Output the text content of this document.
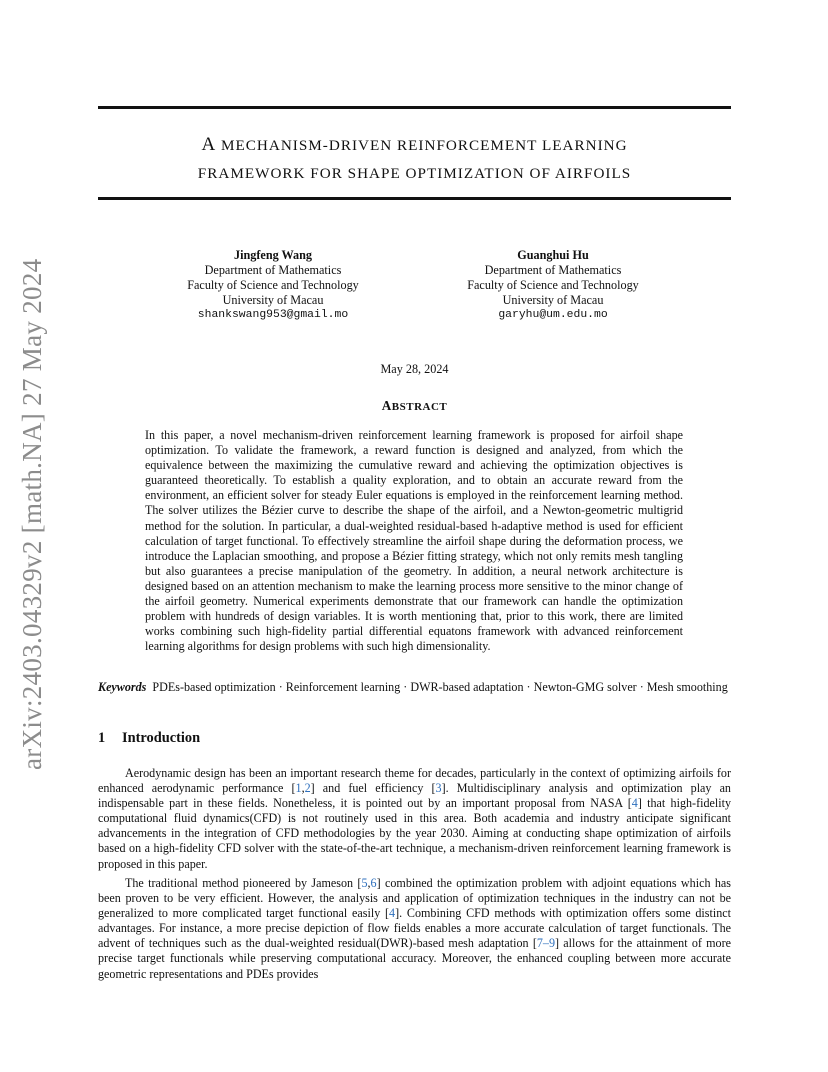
arXiv:2403.04329v2 [math.NA] 27 May 2024
A MECHANISM-DRIVEN REINFORCEMENT LEARNING
FRAMEWORK FOR SHAPE OPTIMIZATION OF AIRFOILS
Jingfeng Wang
Department of Mathematics
Faculty of Science and Technology
University of Macau
shankswang953@gmail.mo
Guanghui Hu
Department of Mathematics
Faculty of Science and Technology
University of Macau
garyhu@um.edu.mo
May 28, 2024
ABSTRACT
In this paper, a novel mechanism-driven reinforcement learning framework is proposed for airfoil shape optimization. To validate the framework, a reward function is designed and analyzed, from which the equivalence between the maximizing the cumulative reward and achieving the optimization objectives is guaranteed theoretically. To establish a quality exploration, and to obtain an accurate reward from the environment, an efficient solver for steady Euler equations is employed in the reinforcement learning method. The solver utilizes the Bézier curve to describe the shape of the airfoil, and a Newton-geometric multigrid method for the solution. In particular, a dual-weighted residual-based h-adaptive method is used for efficient calculation of target functional. To effectively streamline the airfoil shape during the deformation process, we introduce the Laplacian smoothing, and propose a Bézier fitting strategy, which not only remits mesh tangling but also guarantees a precise manipulation of the geometry. In addition, a neural network architecture is designed based on an attention mechanism to make the learning process more sensitive to the minor change of the airfoil geometry. Numerical experiments demonstrate that our framework can handle the optimization problem with hundreds of design variables. It is worth mentioning that, prior to this work, there are limited works combining such high-fidelity partial differential equatons framework with advanced reinforcement learning algorithms for design problems with such high dimensionality.
Keywords PDEs-based optimization · Reinforcement learning · DWR-based adaptation · Newton-GMG solver · Mesh smoothing
1 Introduction
Aerodynamic design has been an important research theme for decades, particularly in the context of optimizing airfoils for enhanced aerodynamic performance [1,2] and fuel efficiency [3]. Multidisciplinary analysis and optimization play an indispensable part in these fields. Nonetheless, it is pointed out by an important proposal from NASA [4] that high-fidelity computational fluid dynamics(CFD) is not routinely used in this area. Both academia and industry anticipate significant advancements in the integration of CFD methodologies by the year 2030. Aiming at conducting shape optimization of airfoils based on a high-fidelity CFD solver with the state-of-the-art technique, a mechanism-driven reinforcement learning framework is proposed in this paper.
The traditional method pioneered by Jameson [5,6] combined the optimization problem with adjoint equations which has been proven to be very efficient. However, the analysis and application of optimization techniques in the industry can not be generalized to more complicated target functional easily [4]. Combining CFD methods with optimization offers some distinct advantages. For instance, a more precise depiction of flow fields enables a more accurate calculation of target functionals. The advent of techniques such as the dual-weighted residual(DWR)-based mesh adaptation [7–9] allows for the attainment of more precise target functionals while preserving computational accuracy. Moreover, the enhanced coupling between more accurate geometric representations and PDEs provides
